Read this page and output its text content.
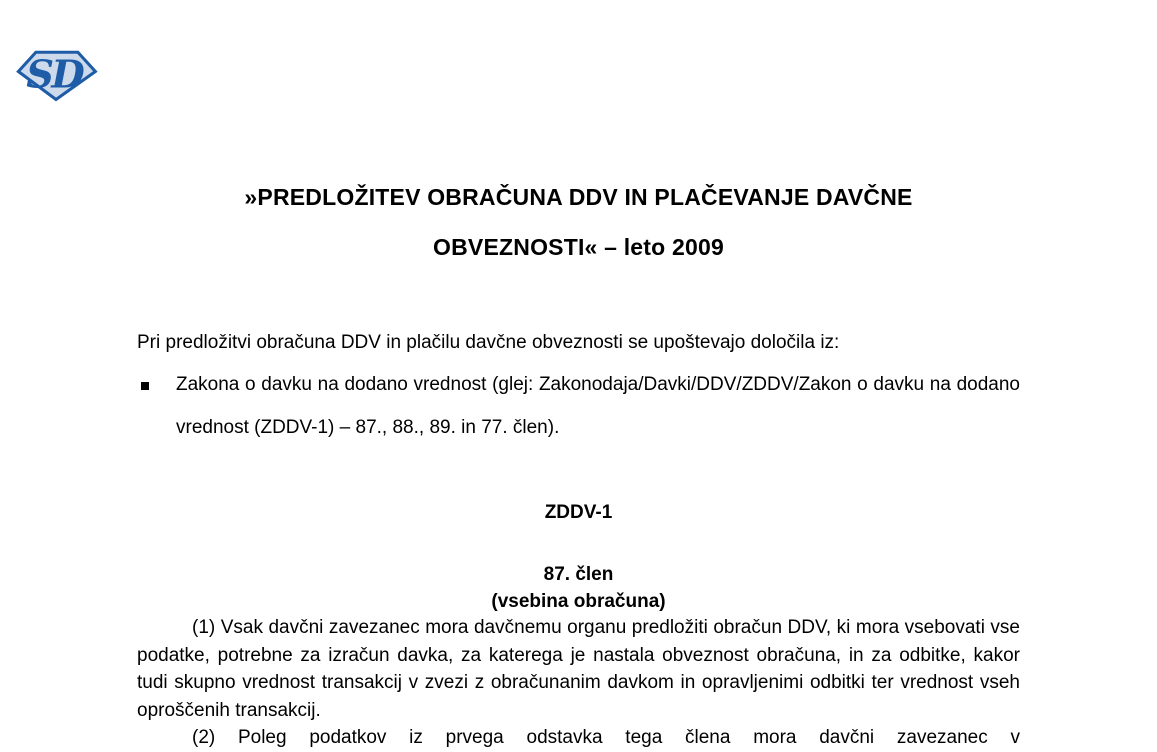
SD
»PREDLOŽITEV OBRAČUNA DDV IN PLAČEVANJE DAVČNE
OBVEZNOSTI« – leto 2009

Pri predložitvi obračuna DDV in plačilu davčne obveznosti se upoštevajo določila iz:

Zakona o davku na dodano vrednost (glej: Zakonodaja/Davki/DDV/ZDDV/Zakon o davku na dodano vrednost (ZDDV-1) – 87., 88., 89. in 77. člen).
ZDDV-1
87. člen
(vsebina obračuna)

(1) Vsak davčni zavezanec mora davčnemu organu predložiti obračun DDV, ki mora vsebovati vse podatke, potrebne za izračun davka, za katerega je nastala obveznost obračuna, in za odbitke, kakor tudi skupno vrednost transakcij v zvezi z obračunanim davkom in opravljenimi odbitki ter vrednost vseh oproščenih transakcij.

(2) Poleg podatkov iz prvega odstavka tega člena mora davčni zavezanec v
